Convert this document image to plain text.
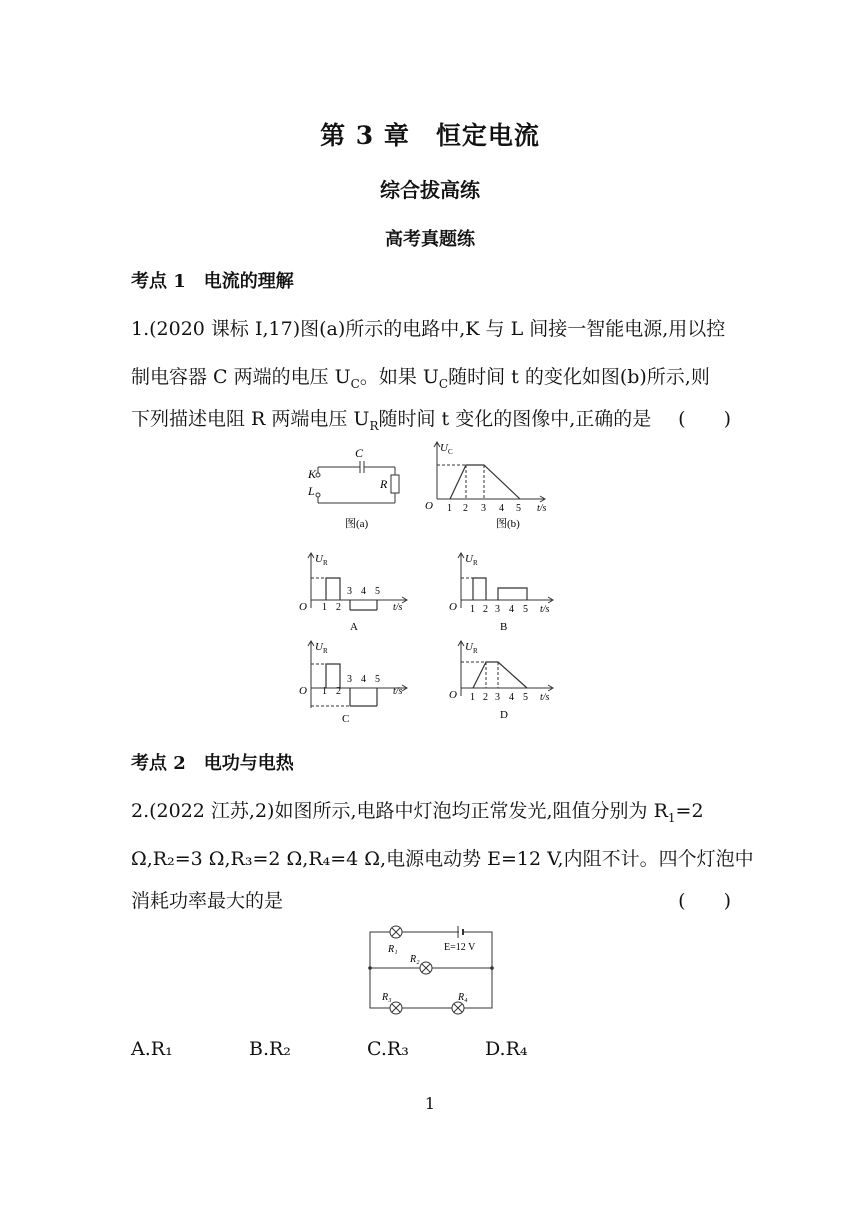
第 3 章　恒定电流
综合拔高练
高考真题练
考点 1　电流的理解
1.(2020 课标 Ⅰ,17)图(a)所示的电路中,K 与 L 间接一智能电源,用以控
制电容器 C 两端的电压 $U_C$。如果 $U_C$随时间 t 的变化如图(b)所示,则
下列描述电阻 R 两端电压 $U_R$随时间 t 变化的图像中,正确的是	(　　)
K
L
C
R
图(a)
U C
O 1 2 3 4 5 t/s
图(b)
U R
O 1 2
3 4 5
t/s
A
U R
O 1 2 3 4 5 t/s
B
U R
O 1 2
3 4 5
t/s
C
U R
O 1 2 3 4 5 t/s
D
考点 2　电功与电热
2.(2022 江苏,2)如图所示,电路中灯泡均正常发光,阻值分别为 $R_1=2$
Ω,R₂=3 Ω,R₃=2 Ω,R₄=4 Ω,电源电动势 E=12 V,内阻不计。四个灯泡中
消耗功率最大的是	(　　)
R₁
R₂
R₃	R₄
E=12 V
A.R₁	B.R₂	C.R₃	D.R₄
1
